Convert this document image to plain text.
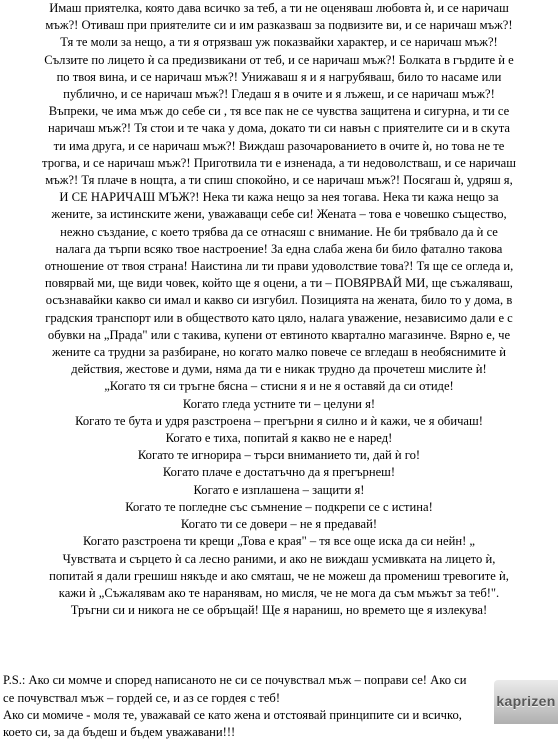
Имаш приятелка, която дава всичко за теб, а ти не оценяваш любовта ѝ, и се наричаш
мъж?! Отиваш при приятелите си и им разказваш за подвизите ви, и се наричаш мъж?!
Тя те моли за нещо, а ти я отрязваш уж показвайки характер, и се наричаш мъж?!
Сълзите по лицето ѝ са предизвикани от теб, и се наричаш мъж?! Болката в гърдите ѝ е
по твоя вина, и се наричаш мъж?! Унижаваш я и я нагрубяваш, било то насаме или
публично, и се наричаш мъж?! Гледаш я в очите и я лъжеш, и се наричаш мъж?!
Въпреки, че има мъж до себе си , тя все пак не се чувства защитена и сигурна, и ти се
наричаш мъж?! Тя стои и те чака у дома, докато ти си навън с приятелите си и в скута
ти има друга, и се наричаш мъж?! Виждаш разочарованието в очите ѝ, но това не те
трогва, и се наричаш мъж?! Приготвила ти е изненада, а ти недоволстваш, и се наричаш
мъж?! Тя плаче в нощта, а ти спиш спокойно, и се наричаш мъж?! Посягаш ѝ, удряш я,
И СЕ НАРИЧАШ МЪЖ?! Нека ти кажа нещо за нея тогава. Нека ти кажа нещо за
жените, за истинските жени, уважаващи себе си! Жената – това е човешко същество,
нежно създание, с което трябва да се отнасяш с внимание. Не би трябвало да ѝ се
налага да търпи всяко твое настроение! За една слаба жена би било фатално такова
отношение от твоя страна! Наистина ли ти прави удоволствие това?! Тя ще се огледа и,
повярвай ми, ще види човек, който ще я оцени, а ти – ПОВЯРВАЙ МИ, ще съжаляваш,
осъзнавайки какво си имал и какво си изгубил. Позицията на жената, било то у дома, в
градския транспорт или в обществото като цяло, налага уважение, независимо дали е с
обувки на „Прада" или с такива, купени от евтиното квартално магазинче. Вярно е, че
жените са трудни за разбиране, но когато малко повече се вгледаш в необяснимите ѝ
действия, жестове и думи, няма да ти е никак трудно да прочетеш мислите ѝ!
„Когато тя си тръгне бясна – стисни я и не я оставяй да си отиде!
Когато гледа устните ти – целуни я!
Когато те бута и удря разстроена – прегърни я силно и ѝ кажи, че я обичаш!
Когато е тиха, попитай я какво не е наред!
Когато те игнорира – търси вниманието ти, дай ѝ го!
Когато плаче е достатъчно да я прегърнеш!
Когато е изплашена – защити я!
Когато те погледне със съмнение – подкрепи се с истина!
Когато ти се довери – не я предавай!
Когато разстроена ти крещи „Това е края" – тя все още иска да си нейн! „
Чувствата и сърцето ѝ са лесно раними, и ако не виждаш усмивката на лицето ѝ,
попитай я дали грешиш някъде и ако смяташ, че не можеш да промениш тревогите ѝ,
кажи ѝ „Съжалявам ако те наранявам, но мисля, че не мога да съм мъжът за теб!".
Тръгни си и никога не се обръщай! Ще я нараниш, но времето ще я излекува!
P.S.: Ако си момче и според написаното не си се почувствал мъж – поправи се! Ако си
се почувствал мъж – гордей се, и аз се гордея с теб!
Ако си момиче - моля те, уважавай се като жена и отстоявай принципите си и всичко,
което си, за да бъдеш и бъдем уважавани!!!
kaprizen
